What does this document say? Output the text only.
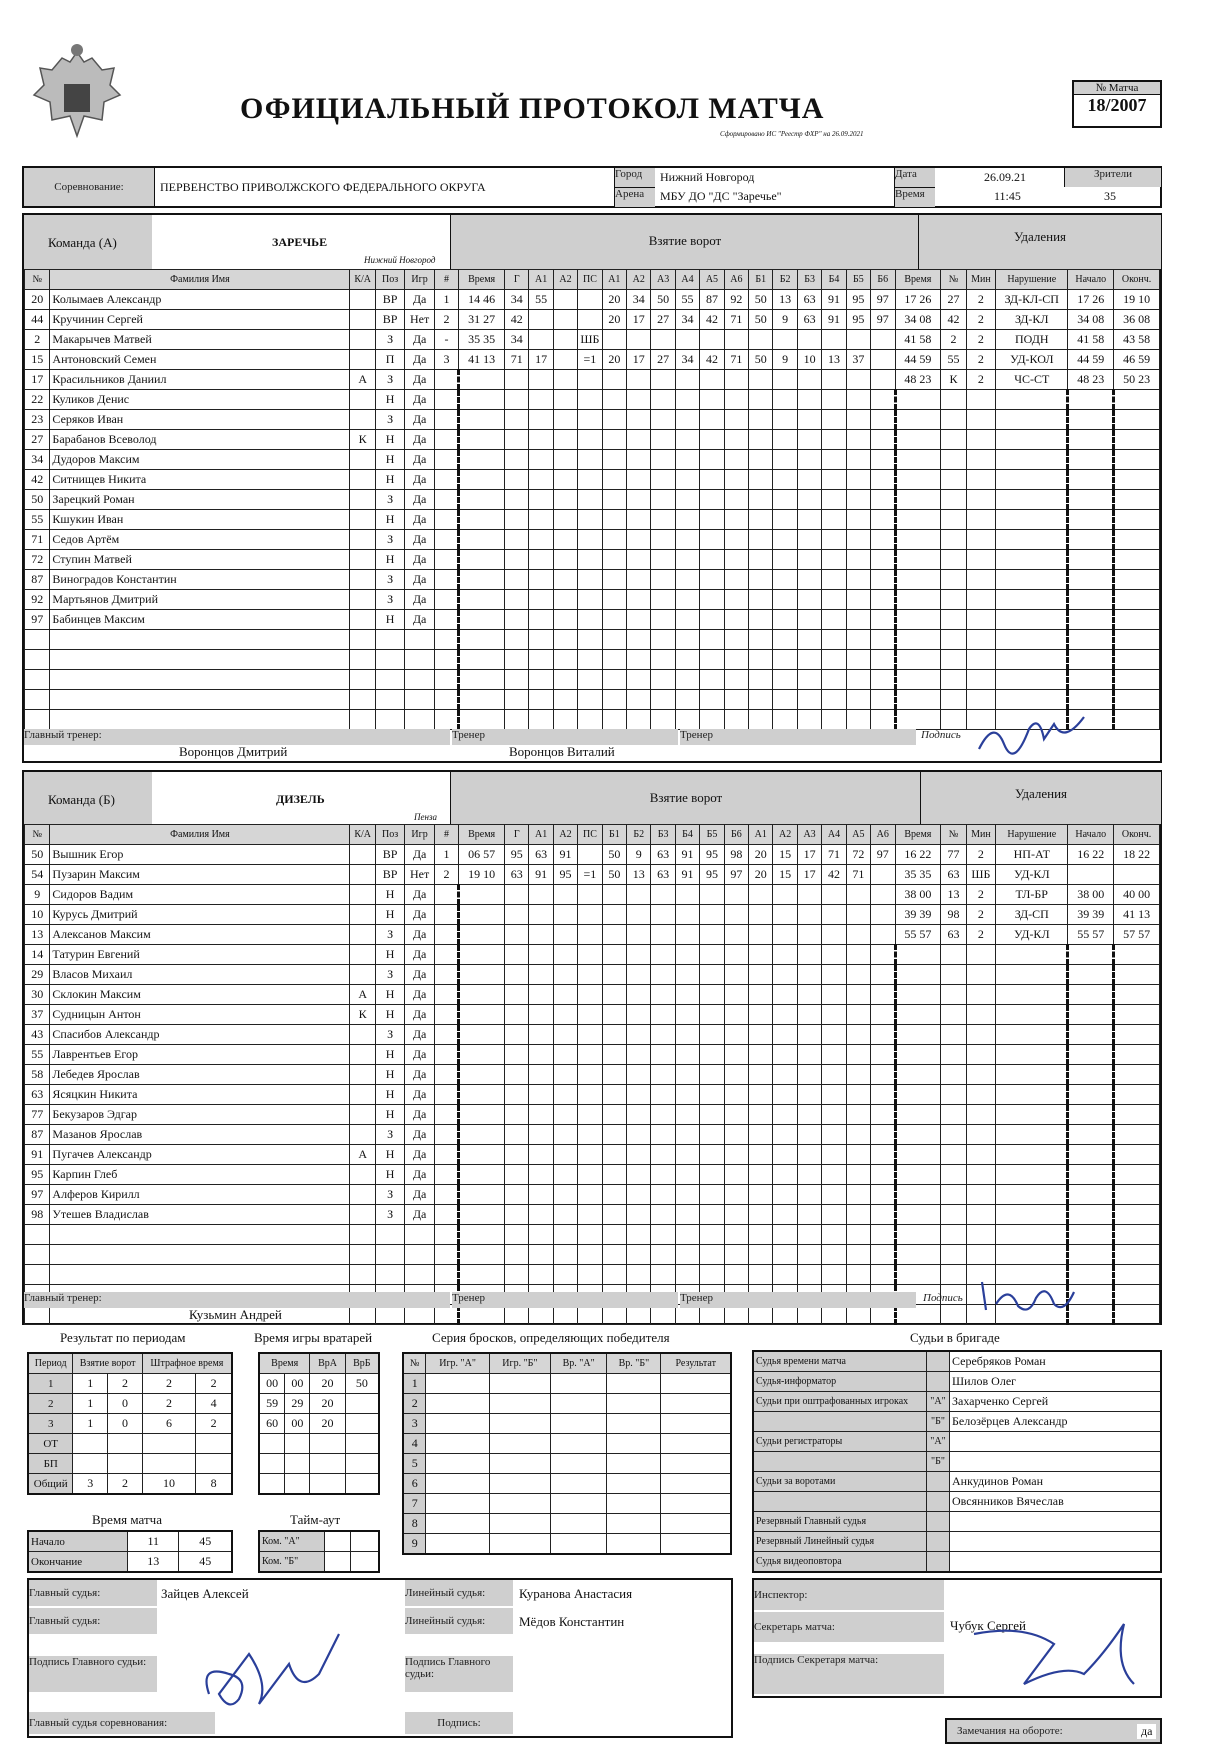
ОФИЦИАЛЬНЫЙ ПРОТОКОЛ МАТЧА
Сформировано ИС "Реестр ФХР" на 26.09.2021
№ Матча
18/2007
Соревнование:	ПЕРВЕНСТВО ПРИВОЛЖСКОГО ФЕДЕРАЛЬНОГО ОКРУГА
Город	Нижний Новгород
Арена	МБУ ДО "ДС "Заречье"
Дата	26.09.21
Время	11:45
Зрители
35
Команда (А)	ЗАРЕЧЬЕ
Нижний Новгород
Взятие ворот	Удаления
№	Фамилия Имя	К/А	Поз	Игр	#	Время	Г	А1	А2	ПС	А1	А2	А3	А4	А5	А6	Б1	Б2	Б3	Б4	Б5	Б6	Время	№	Мин	Нарушение	Начало	Оконч.
20	Колымаев Александр		ВР	Да	1	14 46	34	55			20	34	50	55	87	92	50	13	63	91	95	97	17 26	27	2	ЗД-КЛ-СП	17 26	19 10
44	Кручинин Сергей		ВР	Нет	2	31 27	42				20	17	27	34	42	71	50	9	63	91	95	97	34 08	42	2	ЗД-КЛ	34 08	36 08
2	Макарычев Матвей		З	Да	-	35 35	34			ШБ													41 58	2	2	ПОДН	41 58	43 58
15	Антоновский Семен		П	Да	3	41 13	71	17		=1	20	17	27	34	42	71	50	9	10	13	37		44 59	55	2	УД-КОЛ	44 59	46 59
17	Красильников Даниил	А	З	Да																			48 23	К	2	ЧС-СТ	48 23	50 23
22	Куликов Денис		Н	Да																								
23	Серяков Иван		З	Да																								
27	Барабанов Всеволод	К	Н	Да																								
34	Дудоров Максим		Н	Да																								
42	Ситнищев Никита		Н	Да																								
50	Зарецкий Роман		З	Да																								
55	Кшукин Иван		Н	Да																								
71	Седов Артём		З	Да																								
72	Ступин Матвей		Н	Да																								
87	Виноградов Константин		З	Да																								
92	Мартьянов Дмитрий		З	Да																								
97	Бабинцев Максим		Н	Да																								

Главный тренер:
Воронцов Дмитрий
Тренер
Воронцов Виталий
Тренер	Подпись
Команда (Б)	ДИЗЕЛЬ
Пенза
Взятие ворот	Удаления
№	Фамилия Имя	К/А	Поз	Игр	#	Время	Г	А1	А2	ПС	Б1	Б2	Б3	Б4	Б5	Б6	А1	А2	А3	А4	А5	А6	Время	№	Мин	Нарушение	Начало	Оконч.
50	Вышник Егор		ВР	Да	1	06 57	95	63	91		50	9	63	91	95	98	20	15	17	71	72	97	16 22	77	2	НП-АТ	16 22	18 22
54	Пузарин Максим		ВР	Нет	2	19 10	63	91	95	=1	50	13	63	91	95	97	20	15	17	42	71		35 35	63	ШБ	УД-КЛ		
9	Сидоров Вадим		Н	Да																			38 00	13	2	ТЛ-БР	38 00	40 00
10	Курусь Дмитрий		Н	Да																			39 39	98	2	ЗД-СП	39 39	41 13
13	Алексанов Максим		З	Да																			55 57	63	2	УД-КЛ	55 57	57 57
14	Татурин Евгений		Н	Да																								
29	Власов Михаил		З	Да																								
30	Склокин Максим	А	Н	Да																								
37	Судницын Антон	К	Н	Да																								
43	Спасибов Александр		З	Да																								
55	Лаврентьев Егор		Н	Да																								
58	Лебедев Ярослав		Н	Да																								
63	Ясяцкин Никита		Н	Да																								
77	Бекузаров Эдгар		Н	Да																								
87	Мазанов Ярослав		З	Да																								
91	Пугачев Александр	А	Н	Да																								
95	Карпин Глеб		Н	Да																								
97	Алферов Кирилл		З	Да																								
98	Утешев Владислав		З	Да																								

Главный тренер:
Кузьмин Андрей
Тренер	Тренер	Подпись
Результат по периодам
Период	Взятие ворот		Штрафное время	
1	1	2	2	2
2	1	0	2	4
3	1	0	6	2
ОТ				
БП				
Общий	3	2	10	8
Время игры вратарей
Время		ВрА	ВрБ
00	00	20	50
59	29	20	
60	00	20	

Серия бросков, определяющих победителя
№	Игр. "А"	Игр. "Б"	Вр. "А"	Вр. "Б"	Результат
1					
2					
3					
4					
5					
6					
7					
8					
9					
Время матча
Начало	11	45
Окончание	13	45
Тайм-аут
Ком. "А"		
Ком. "Б"		
Судьи в бригаде
Судья времени матча		Серебряков Роман
Судья-информатор		Шилов Олег
Судьи при оштрафованных игроках	"А"	Захарченко Сергей
	"Б"	Белозёрцев Александр
Судьи регистраторы	"А"	
	"Б"	
Судьи за воротами		Анкудинов Роман
		Овсянников Вячеслав
Резервный Главный судья		
Резервный Линейный судья		
Судья видеоповтора		
Главный судья:	Зайцев Алексей
Главный судья:
Линейный судья:	Куранова Анастасия
Линейный судья:	Мёдов Константин
Подпись Главного судьи:	Подпись Главного судьи:
Главный судья соревнования:	Подпись:
Инспектор:
Секретарь матча:	Чубук Сергей
Подпись Секретаря матча:
Замечания на обороте:	да
